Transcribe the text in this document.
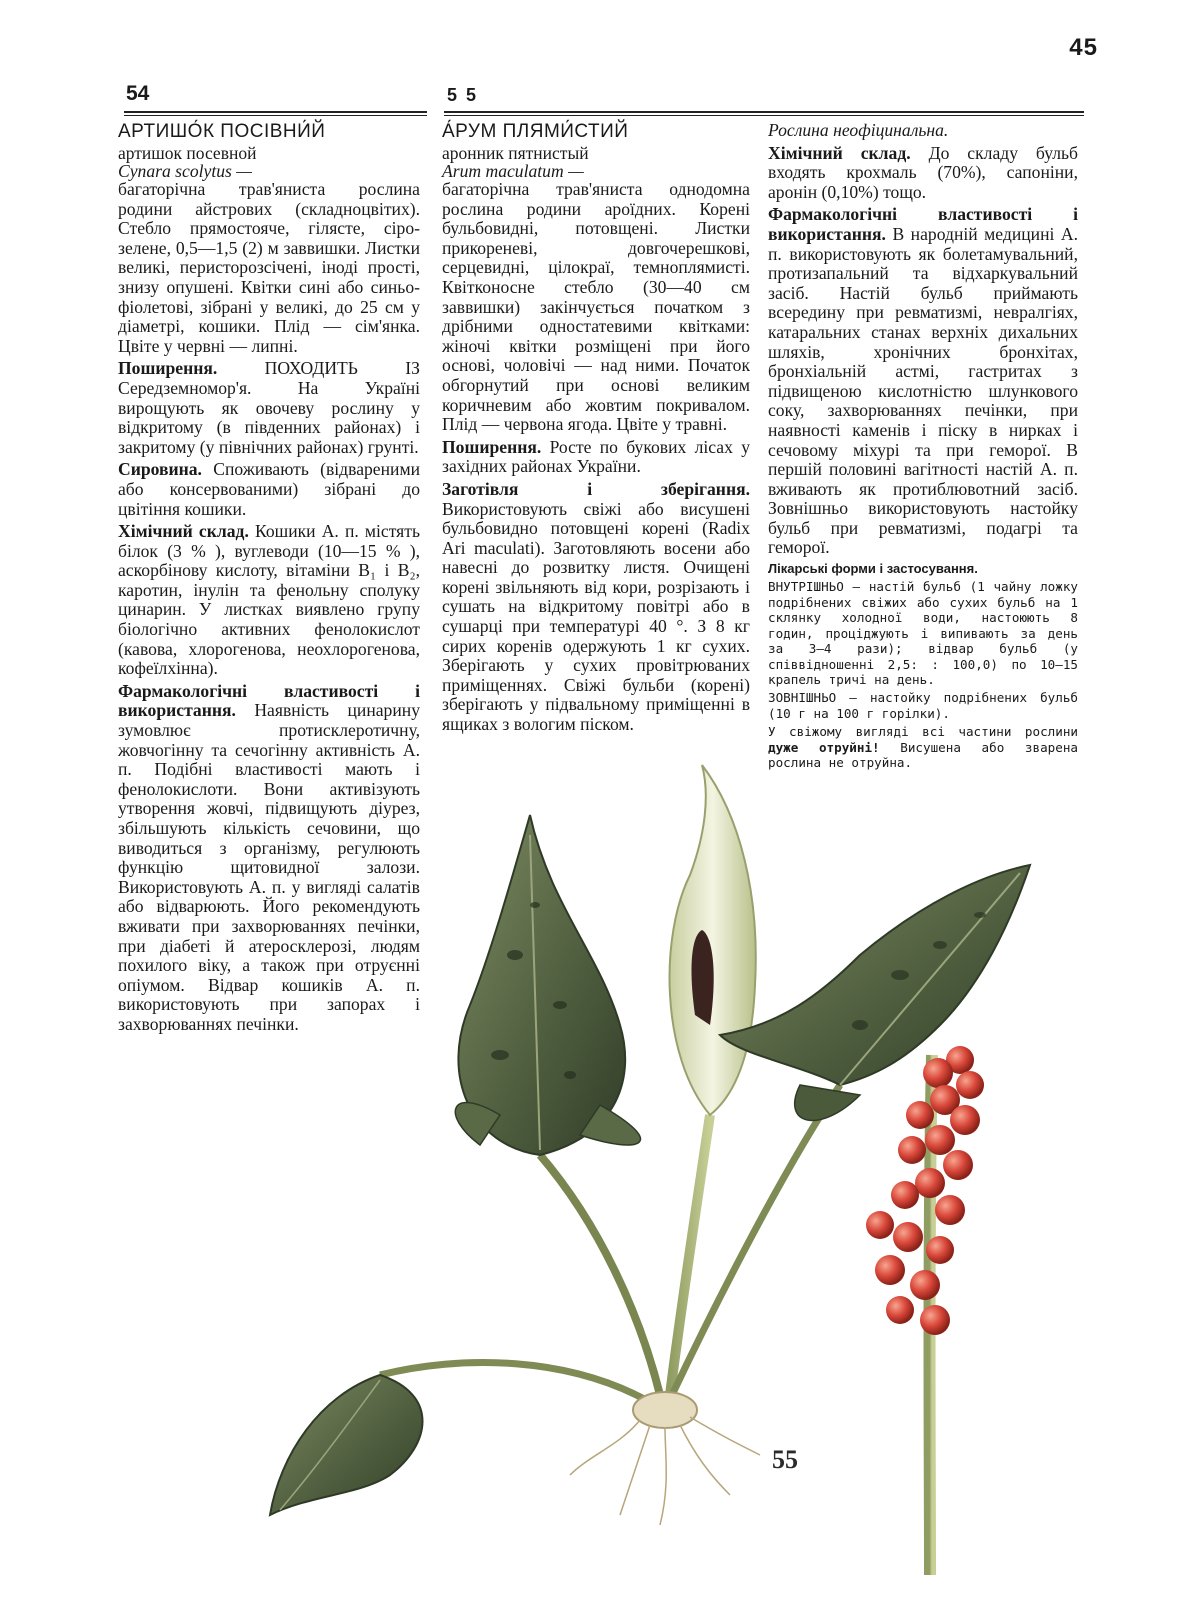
45
54	5 5
АРТИШО́К ПОСІВНИ́Й
артишок посевной
Cynara scolytus —

багаторічна трав'яниста рослина родини айстрових (складноцвітих). Стебло прямостояче, гілясте, сіро-зелене, 0,5—1,5 (2) м заввишки. Листки великі, перисторозсічені, іноді прості, знизу опушені. Квітки сині або синьо-фіолетові, зібрані у великі, до 25 см у діаметрі, кошики. Плід — сім'янка. Цвіте у червні — липні.

Поширення.	ПОХОДИТЬ ІЗ Середземномор'я. На Україні вирощують як овочеву рослину у відкритому (в південних районах) і закритому (у північних районах) грунті.

Сировина. Споживають (відвареними або консервованими) зібрані до цвітіння кошики.

Хімічний склад. Кошики А. п. містять білок (3 % ), вуглеводи (10—15 % ), аскорбінову кислоту, вітаміни В₁ і В₂, каротин, інулін та фенольну сполуку цинарин. У листках виявлено групу біологічно активних фенолокислот (кавова, хлорогенова, неохлорогенова, кофеїлхінна).

Фармакологічні властивості і використання. Наявність цинарину зумовлює протисклеротичну, жовчогінну та сечогінну активність А. п. Подібні властивості мають і фенолокислоти. Вони активізують утворення жовчі, підвищують діурез, збільшують кількість сечовини, що виводиться з організму, регулюють функцію щитовидної залози. Використовують А. п. у вигляді салатів або відварюють. Його рекомендують вживати при захворюваннях печінки, при діабеті й атеросклерозі, людям похилого віку, а також при отруєнні опіумом. Відвар кошиків А. п. використовують при запорах і захворюваннях печінки.

А́РУМ ПЛЯМИ́СТИЙ
аронник пятнистый
Arum maculatum —

багаторічна трав'яниста однодомна рослина родини ароїдних. Корені бульбовидні, потовщені. Листки прикореневі, довгочерешкові, серцевидні, цілокраї, темноплямисті. Квітконосне стебло (30—40 см заввишки) закінчується початком з дрібними одностатевими квітками: жіночі квітки розміщені при його основі, чоловічі — над ними. Початок обгорнутий при основі великим коричневим або жовтим покривалом. Плід — червона ягода. Цвіте у травні.

Поширення. Росте по букових лісах у західних районах України.

Заготівля і зберігання. Використовують свіжі або висушені бульбовидно потовщені корені (Radix Ari maculati). Заготовляють восени або навесні до розвитку листя. Очищені корені звільняють від кори, розрізають і сушать на відкритому повітрі або в сушарці при температурі 40 °. З 8 кг сирих коренів одержують 1 кг сухих. Зберігають у сухих провітрюваних приміщеннях. Свіжі бульби (корені) зберігають у підвальному приміщенні в ящиках з вологим піском.

Рослина неофіцинальна.

Хімічний склад. До складу бульб входять крохмаль (70%), сапоніни, аронін (0,10%) тощо.

Фармакологічні властивості і використання. В народній медицині А. п. використовують як болетамувальний, протизапальний та відхаркувальний засіб. Настій бульб приймають всередину при ревматизмі, невралгіях, катаральних станах верхніх дихальних шляхів, хронічних бронхітах, бронхіальній астмі, гастритах з підвищеною кислотністю шлункового соку, захворюваннях печінки, при наявності каменів і піску в нирках і сечовому міхурі та при геморої. В першій половині вагітності настій А. п. вживають як протиблювотний засіб. Зовнішньо використовують настойку бульб при ревматизмі, подагрі та геморої.

Лікарські форми і застосування.

ВНУТРІШНЬО — настій бульб (1 чайну ложку подрібнених свіжих або сухих бульб на 1 склянку холодної води, настоюють 8 годин, проціджують і випивають за день за 3—4 рази); відвар бульб (у співвідношенні 2,5: : 100,0) по 10—15 крапель тричі на день.

ЗОВНІШНЬО — настойку подрібнених бульб (10 г на 100 г горілки).

У свіжому вигляді всі частини рослини дуже отруйні! Висушена або зварена рослина не отруйна.

55
